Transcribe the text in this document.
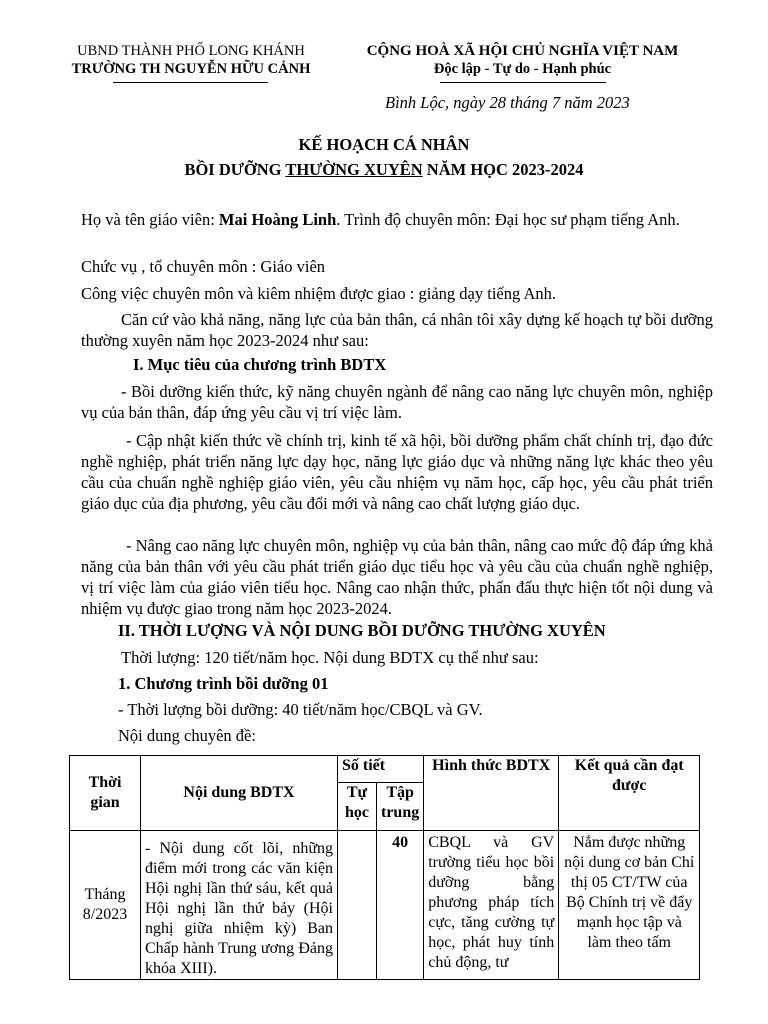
UBND THÀNH PHỐ LONG KHÁNH
TRƯỜNG TH NGUYỄN HỮU CẢNH
CỘNG HOÀ XÃ HỘI CHỦ NGHĨA VIỆT NAM
Độc lập - Tự do - Hạnh phúc
Bình Lộc, ngày 28 tháng 7 năm 2023
KẾ HOẠCH CÁ NHÂN
BỒI DƯỠNG THƯỜNG XUYÊN NĂM HỌC 2023-2024
Họ và tên giáo viên: Mai Hoàng Linh. Trình độ chuyên môn: Đại học sư phạm tiếng Anh.
Chức vụ , tổ chuyên môn : Giáo viên
Công việc chuyên môn và kiêm nhiệm được giao : giảng dạy tiếng Anh.
Căn cứ vào khả năng, năng lực của bản thân, cá nhân tôi xây dựng kế hoạch tự bồi dưỡng thường xuyên năm học 2023-2024 như sau:
I. Mục tiêu của chương trình BDTX
- Bồi dưỡng kiến thức, kỹ năng chuyên ngành để nâng cao năng lực chuyên môn, nghiệp vụ của bản thân, đáp ứng yêu cầu vị trí việc làm.
- Cập nhật kiến thức về chính trị, kinh tế xã hội, bồi dưỡng phẩm chất chính trị, đạo đức nghề nghiệp, phát triển năng lực dạy học, năng lực giáo dục và những năng lực khác theo yêu cầu của chuẩn nghề nghiệp giáo viên, yêu cầu nhiệm vụ năm học, cấp học, yêu cầu phát triển giáo dục của địa phương, yêu cầu đổi mới và nâng cao chất lượng giáo dục.
- Nâng cao năng lực chuyên môn, nghiệp vụ của bản thân, nâng cao mức độ đáp ứng khả năng của bản thân với yêu cầu phát triển giáo dục tiểu học và yêu cầu của chuẩn nghề nghiệp, vị trí việc làm của giáo viên tiểu học. Nâng cao nhận thức, phấn đấu thực hiện tốt nội dung và nhiệm vụ được giao trong năm học 2023-2024.
II. THỜI LƯỢNG VÀ NỘI DUNG BỒI DƯỠNG THƯỜNG XUYÊN
Thời lượng: 120 tiết/năm học. Nội dung BDTX cụ thể như sau:
1. Chương trình bồi dưỡng 01
- Thời lượng bồi dưỡng: 40 tiết/năm học/CBQL và GV.
Nội dung chuyên đề:
Thời gian	Nội dung BDTX	Số tiết		Hình thức BDTX	Kết quả cần đạt được
		Tự học	Tập trung		
Tháng 8/2023	- Nội dung cốt lõi, những điểm mới trong các văn kiện Hội nghị lần thứ sáu, kết quả Hội nghị lần thứ bảy (Hội nghị giữa nhiệm kỳ) Ban Chấp hành Trung ương Đảng khóa XIII).		40	CBQL và GV trường tiểu học bồi dưỡng bằng phương pháp tích cực, tăng cường tự học, phát huy tính chủ động, tư	Nắm được những nội dung cơ bản Chỉ thị 05 CT/TW của Bộ Chính trị về đẩy mạnh học tập và làm theo tấm
